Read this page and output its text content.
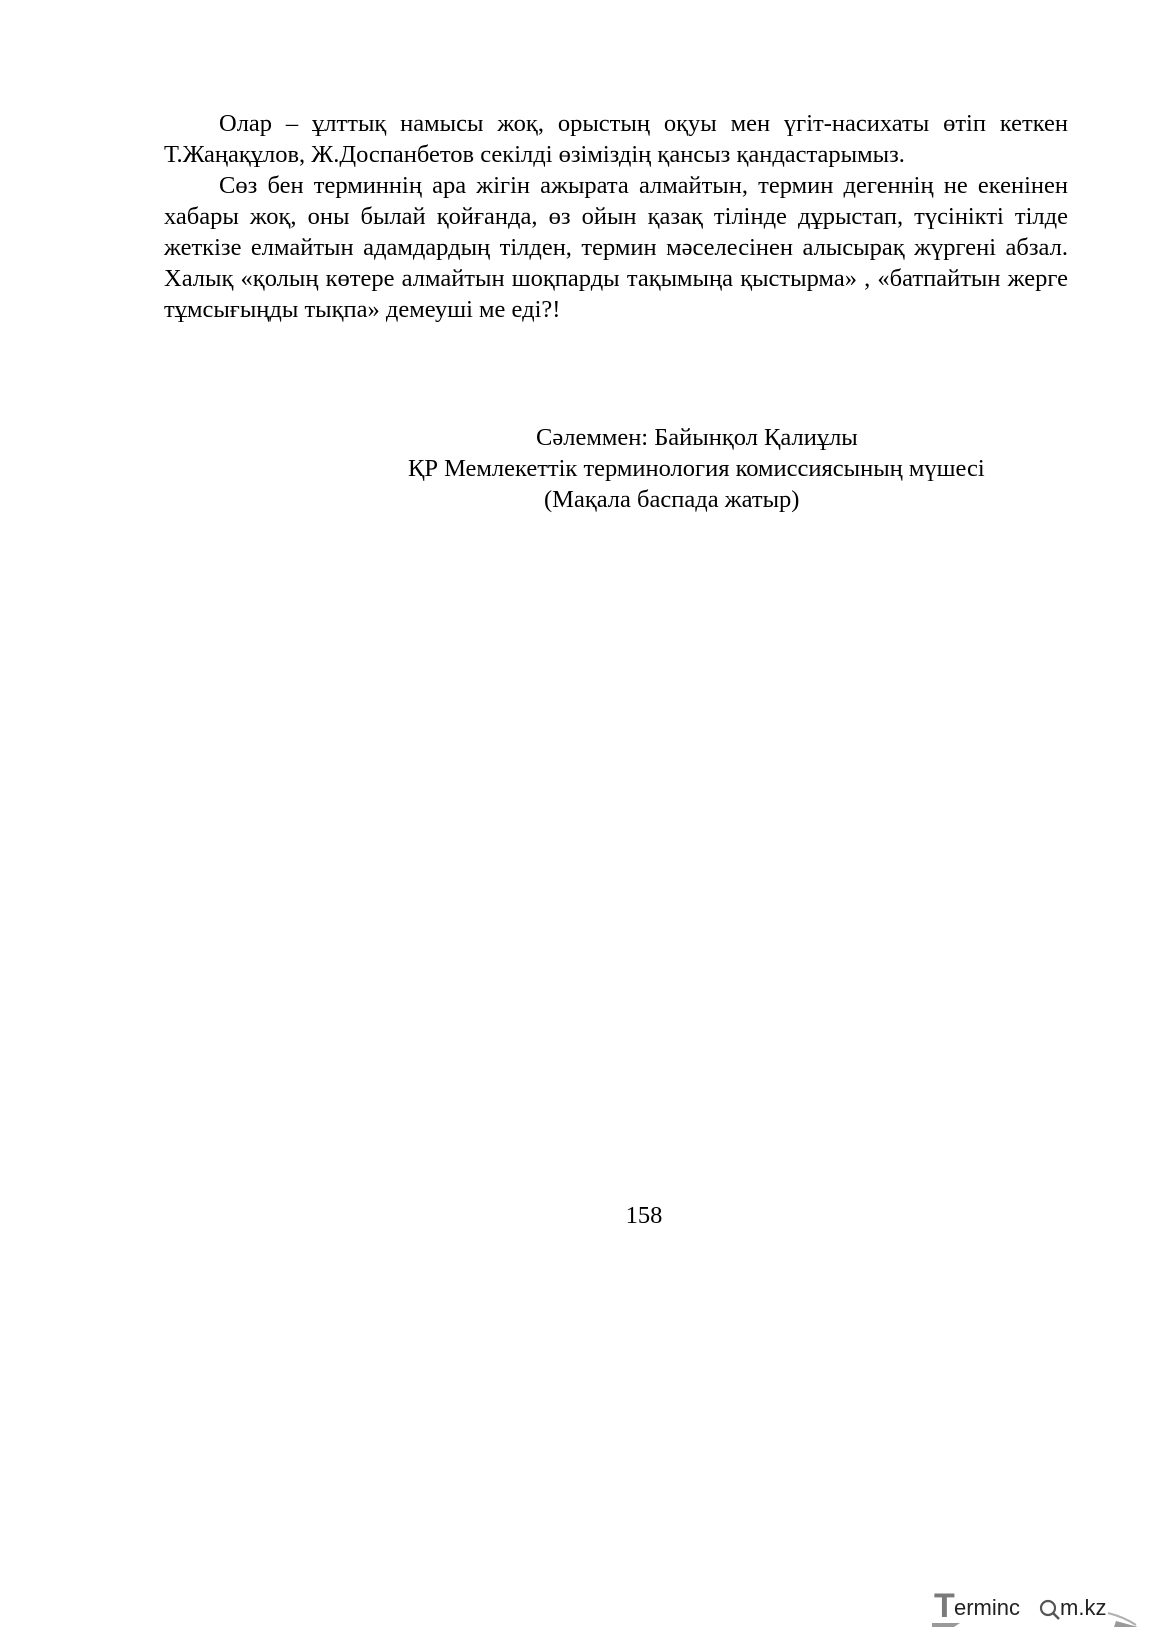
Олар – ұлттық намысы жоқ, орыстың оқуы мен үгіт-насихаты өтіп кеткен Т.Жаңақұлов, Ж.Доспанбетов секілді өзіміздің қансыз қандастарымыз.

Сөз бен терминнің ара жігін ажырата алмайтын, термин дегеннің не екенінен хабары жоқ, оны былай қойғанда, өз ойын қазақ тілінде дұрыстап, түсінікті тілде жеткізе елмайтын адамдардың тілден, термин мәселесінен алысырақ жүргені абзал. Халық «қолың көтере алмайтын шоқпарды тақымыңа қыстырма» , «батпайтын жерге тұмсығыңды тықпа» демеуші ме еді?!

Сәлеммен: Байынқол Қалиұлы
ҚР Мемлекеттік терминология комиссиясының мүшесі
(Мақала баспада жатыр)
158
T erminc m.kz
